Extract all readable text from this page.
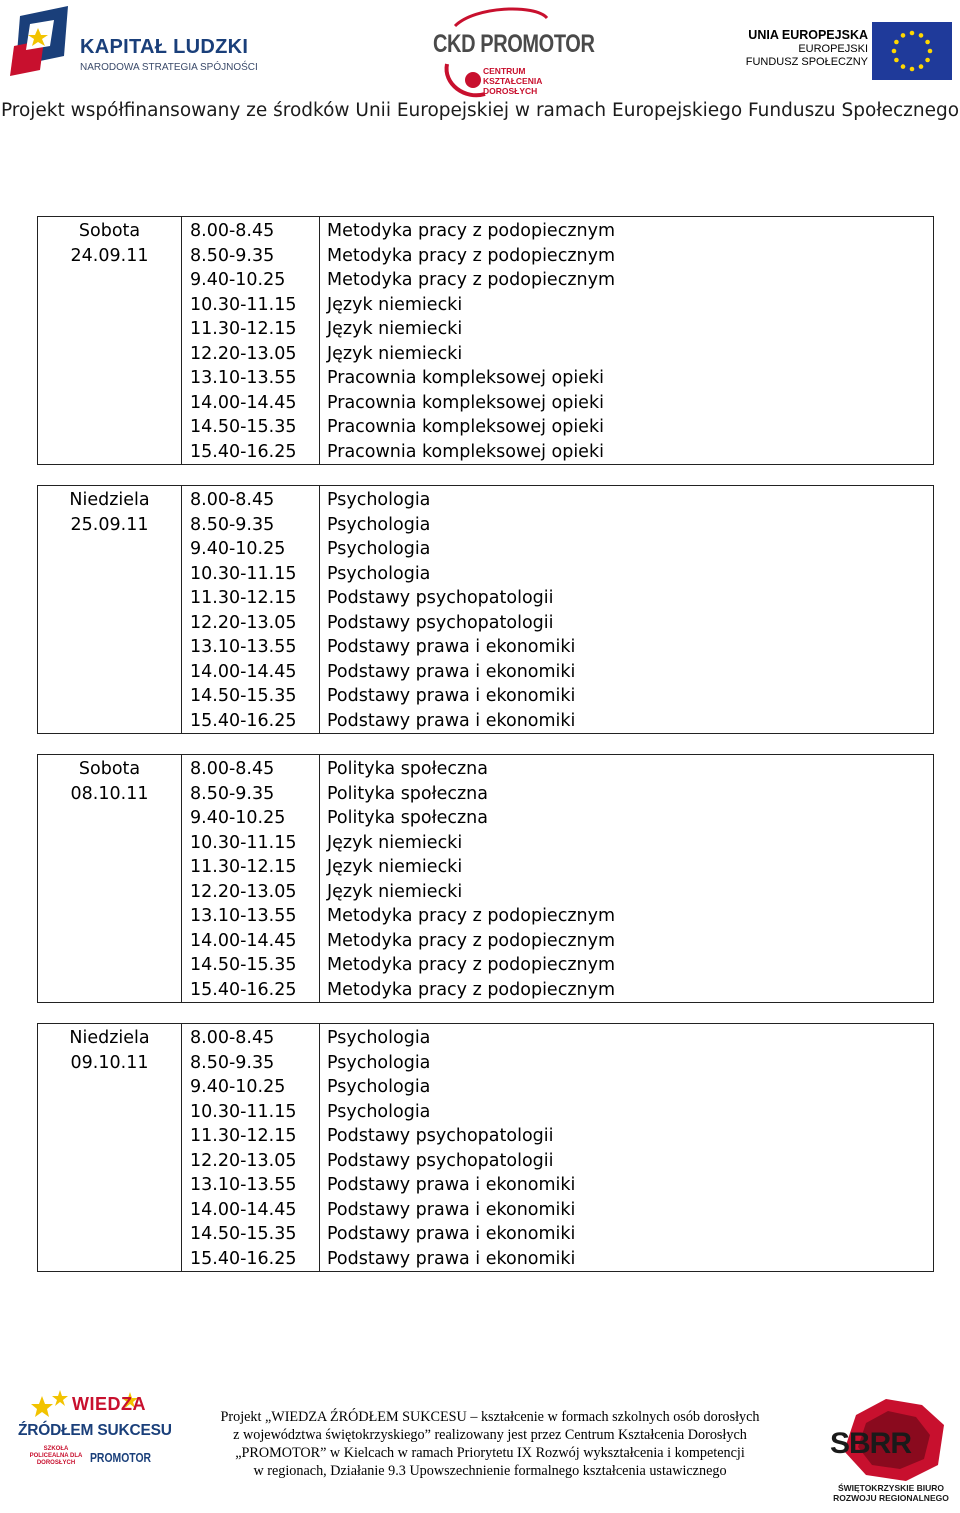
KAPITAŁ LUDZKI
NARODOWA STRATEGIA SPÓJNOŚCI
CKD PROMOTOR
CENTRUM KSZTAŁCENIA
DOROSŁYCH
UNIA EUROPEJSKA
EUROPEJSKI
FUNDUSZ SPOŁECZNY
Projekt współfinansowany ze środków Unii Europejskiej w ramach Europejskiego Funduszu Społecznego
Sobota
24.09.11
8.00-8.45	Metodyka pracy z podopiecznym
8.50-9.35	Metodyka pracy z podopiecznym
9.40-10.25 Metodyka pracy z podopiecznym
10.30-11.15 Język niemiecki
11.30-12.15 Język niemiecki
12.20-13.05 Język niemiecki
13.10-13.55 Pracownia kompleksowej opieki
14.00-14.45 Pracownia kompleksowej opieki
14.50-15.35 Pracownia kompleksowej opieki
15.40-16.25 Pracownia kompleksowej opieki
Niedziela
25.09.11
8.00-8.45	Psychologia
8.50-9.35	Psychologia
9.40-10.25 Psychologia
10.30-11.15 Psychologia
11.30-12.15 Podstawy psychopatologii
12.20-13.05 Podstawy psychopatologii
13.10-13.55 Podstawy prawa i ekonomiki
14.00-14.45 Podstawy prawa i ekonomiki
14.50-15.35 Podstawy prawa i ekonomiki
15.40-16.25 Podstawy prawa i ekonomiki
Sobota
08.10.11
8.00-8.45	Polityka społeczna
8.50-9.35	Polityka społeczna
9.40-10.25 Polityka społeczna
10.30-11.15 Język niemiecki
11.30-12.15 Język niemiecki
12.20-13.05 Język niemiecki
13.10-13.55 Metodyka pracy z podopiecznym
14.00-14.45 Metodyka pracy z podopiecznym
14.50-15.35 Metodyka pracy z podopiecznym
15.40-16.25 Metodyka pracy z podopiecznym
Niedziela
09.10.11
8.00-8.45	Psychologia
8.50-9.35	Psychologia
9.40-10.25 Psychologia
10.30-11.15 Psychologia
11.30-12.15 Podstawy psychopatologii
12.20-13.05 Podstawy psychopatologii
13.10-13.55 Podstawy prawa i ekonomiki
14.00-14.45 Podstawy prawa i ekonomiki
14.50-15.35 Podstawy prawa i ekonomiki
15.40-16.25 Podstawy prawa i ekonomiki
WIEDZA
ŹRÓDŁEM SUKCESU
SZKOŁA POLICEALNA DLA DOROSŁYCH	PROMOTOR
Projekt „WIEDZA ŹRÓDŁEM SUKCESU – kształcenie w formach szkolnych osób dorosłych
z województwa świętokrzyskiego” realizowany jest przez Centrum Kształcenia Dorosłych
„PROMOTOR” w Kielcach w ramach Priorytetu IX Rozwój wykształcenia i kompetencji
w regionach, Działanie 9.3 Upowszechnienie formalnego kształcenia ustawicznego
SBRR
ŚWIĘTOKRZYSKIE BIURO
ROZWOJU REGIONALNEGO
